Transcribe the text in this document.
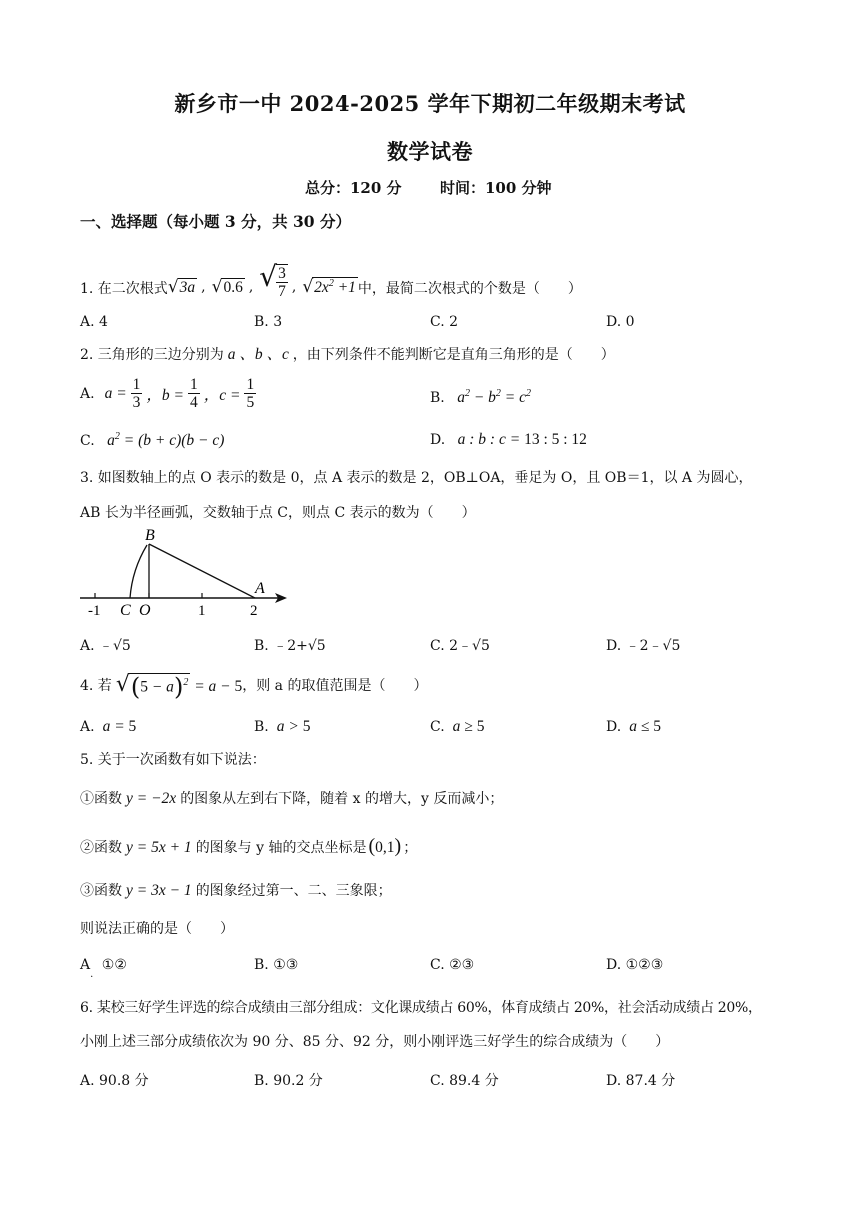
新乡市一中 2024-2025 学年下期初二年级期末考试
数学试卷
总分：120 分	时间：100 分钟
一、选择题（每小题 3 分，共 30 分）
1. 在二次根式 √3a , √0.6 , √ $\frac{3}{7}$ , $√2x^2 +1$ 中，最简二次根式的个数是（　　）
A. 4	B. 3	C. 2	D. 0
2. 三角形的三边分别为 a 、b 、c ，由下列条件不能判断它是直角三角形的是（　　）
A. $a = \frac{1}{3}$ ，$b = \frac{1}{4}$ ，$c = \frac{1}{5}$	B. $a^2 - b^2 = c^2$
C. $a^2 = (b + c)(b - c)$	D. a : b : c = 13 : 5 : 12
3. 如图数轴上的点 O 表示的数是 0，点 A 表示的数是 2，OB⊥OA，垂足为 O，且 OB＝1，以 A 为圆心，
AB 长为半径画弧，交数轴于点 C，则点 C 表示的数为（　　）
-1	1	2
C O
A
B
A. ﹣√5	B. ﹣2+√5	C. 2﹣√5	D. ﹣2﹣√5
4. 若 $√(5 - a)^2 = a - 5$ ，则 a 的取值范围是（　　）
A. a = 5	B. a > 5	C. a ≥ 5	D. a ≤ 5
5. 关于一次函数有如下说法：
①函数 y = −2x 的图象从左到右下降，随着 x 的增大，y 反而减小；
②函数 y = 5x + 1 的图象与 y 轴的交点坐标是 (0,1) ；
③函数 y = 3x − 1 的图象经过第一、二、三象限；
则说法正确的是（　　）
$A_.$ ①②	B. ①③	C. ②③	D. ①②③
6. 某校三好学生评选的综合成绩由三部分组成：文化课成绩占 60%，体育成绩占 20%，社会活动成绩占 20%，
小刚上述三部分成绩依次为 90 分、85 分、92 分，则小刚评选三好学生的综合成绩为（　　）
A. 90.8 分	B. 90.2 分	C. 89.4 分	D. 87.4 分
